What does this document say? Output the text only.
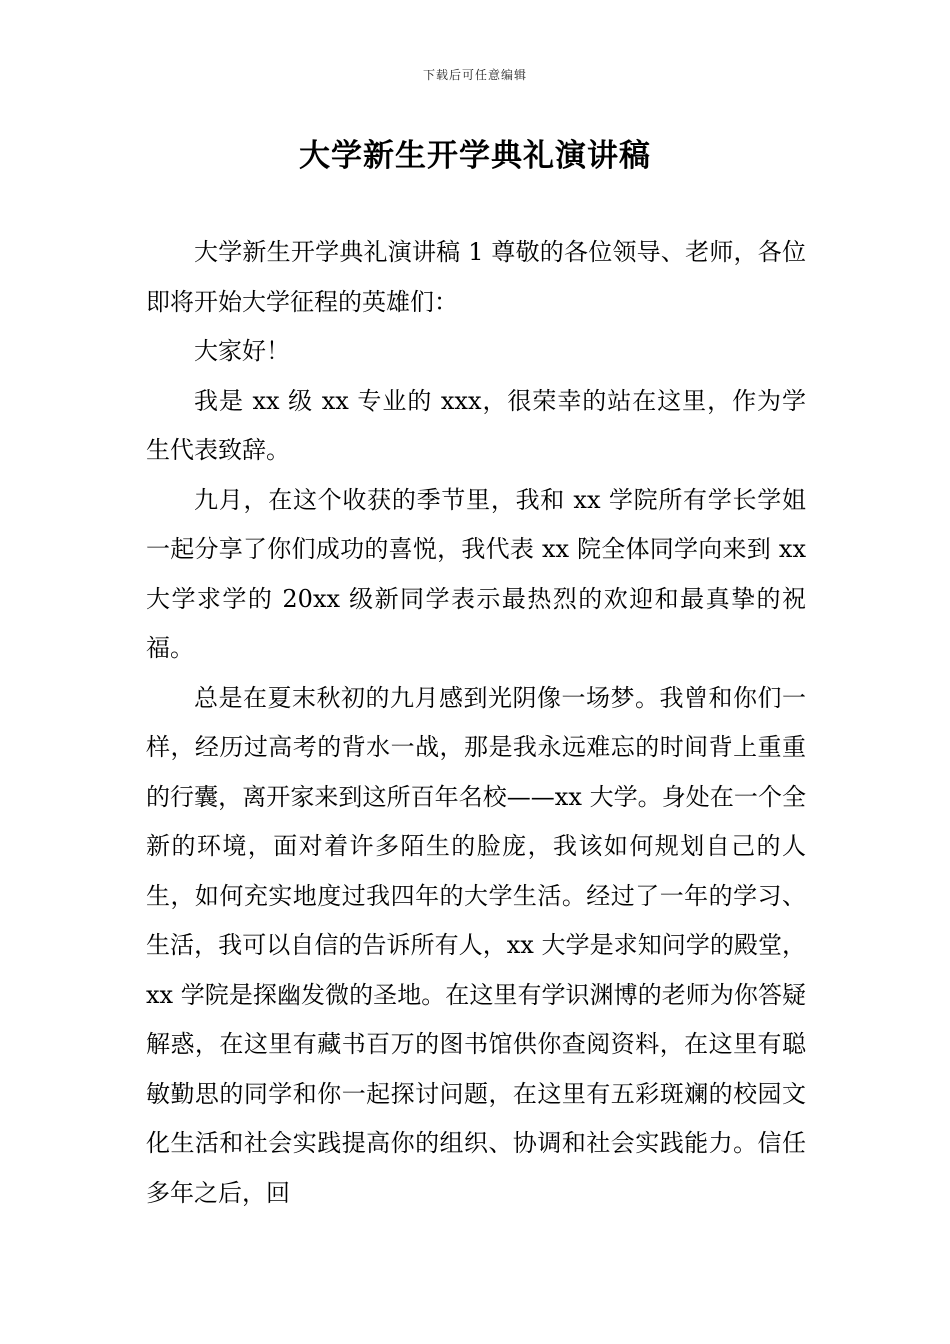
下载后可任意编辑
大学新生开学典礼演讲稿

大学新生开学典礼演讲稿 1 尊敬的各位领导、老师，各位即将开始大学征程的英雄们：

大家好！

我是 xx 级 xx 专业的 xxx，很荣幸的站在这里，作为学生代表致辞。

九月，在这个收获的季节里，我和 xx 学院所有学长学姐一起分享了你们成功的喜悦，我代表 xx 院全体同学向来到 xx 大学求学的 20xx 级新同学表示最热烈的欢迎和最真挚的祝福。

总是在夏末秋初的九月感到光阴像一场梦。我曾和你们一样，经历过高考的背水一战，那是我永远难忘的时间背上重重的行囊，离开家来到这所百年名校——xx 大学。身处在一个全新的环境，面对着许多陌生的脸庞，我该如何规划自己的人生，如何充实地度过我四年的大学生活。经过了一年的学习、生活，我可以自信的告诉所有人，xx 大学是求知问学的殿堂，xx 学院是探幽发微的圣地。在这里有学识渊博的老师为你答疑解惑，在这里有藏书百万的图书馆供你查阅资料，在这里有聪敏勤思的同学和你一起探讨问题，在这里有五彩斑斓的校园文化生活和社会实践提高你的组织、协调和社会实践能力。信任多年之后，回
